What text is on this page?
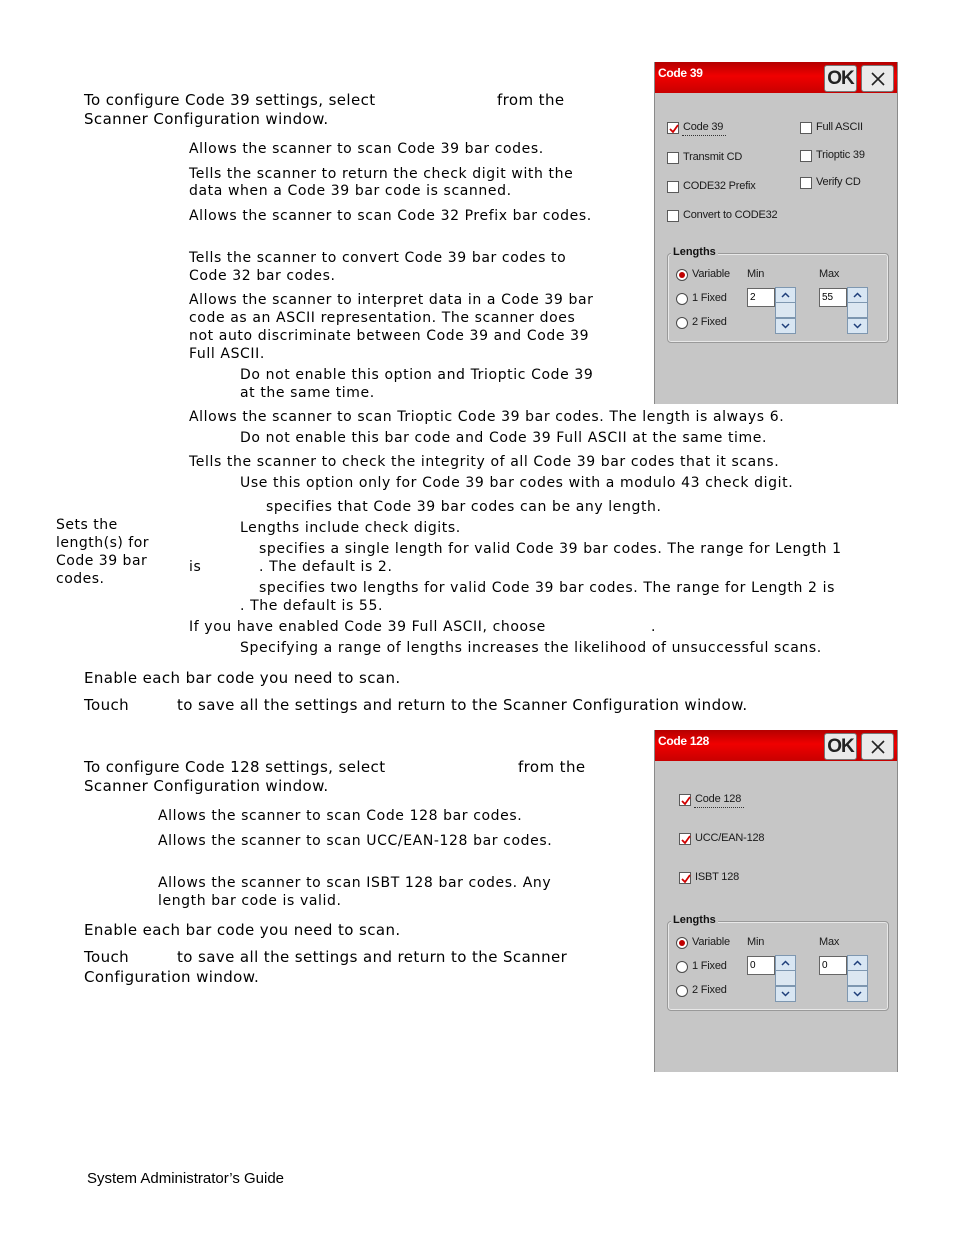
To configure Code 39 settings, select	from the
Scanner Configuration window.
Allows the scanner to scan Code 39 bar codes.
Tells the scanner to return the check digit with the
data when a Code 39 bar code is scanned.
Allows the scanner to scan Code 32 Prefix bar codes.
Tells the scanner to convert Code 39 bar codes to
Code 32 bar codes.
Allows the scanner to interpret data in a Code 39 bar
code as an ASCII representation. The scanner does
not auto discriminate between Code 39 and Code 39
Full ASCII.
Do not enable this option and Trioptic Code 39
at the same time.
Allows the scanner to scan Trioptic Code 39 bar codes. The length is always 6.
Do not enable this bar code and Code 39 Full ASCII at the same time.
Tells the scanner to check the integrity of all Code 39 bar codes that it scans.
Use this option only for Code 39 bar codes with a modulo 43 check digit.
specifies that Code 39 bar codes can be any length.
Lengths include check digits.
specifies a single length for valid Code 39 bar codes. The range for Length 1
is	. The default is 2.
specifies two lengths for valid Code 39 bar codes. The range for Length 2 is
. The default is 55.
If you have enabled Code 39 Full ASCII, choose	.
Specifying a range of lengths increases the likelihood of unsuccessful scans.
Sets the length(s) for Code 39 bar codes.
Enable each bar code you need to scan.
Touch	to save all the settings and return to the Scanner Configuration window.
Code 39	OK
Code 39	Full ASCII
Transmit CD	Trioptic 39
CODE32 Prefix	Verify CD
Convert to CODE32
Lengths
Variable Min	Max
1 Fixed
2 Fixed
2	55
To configure Code 128 settings, select	from the
Scanner Configuration window.
Allows the scanner to scan Code 128 bar codes.
Allows the scanner to scan UCC/EAN-128 bar codes.
Allows the scanner to scan ISBT 128 bar codes. Any
length bar code is valid.
Enable each bar code you need to scan.
Touch	to save all the settings and return to the Scanner
Configuration window.
Code 128	OK
Code 128
UCC/EAN-128
ISBT 128
Lengths
Variable Min	Max
1 Fixed
2 Fixed
0	0
System Administrator’s Guide
